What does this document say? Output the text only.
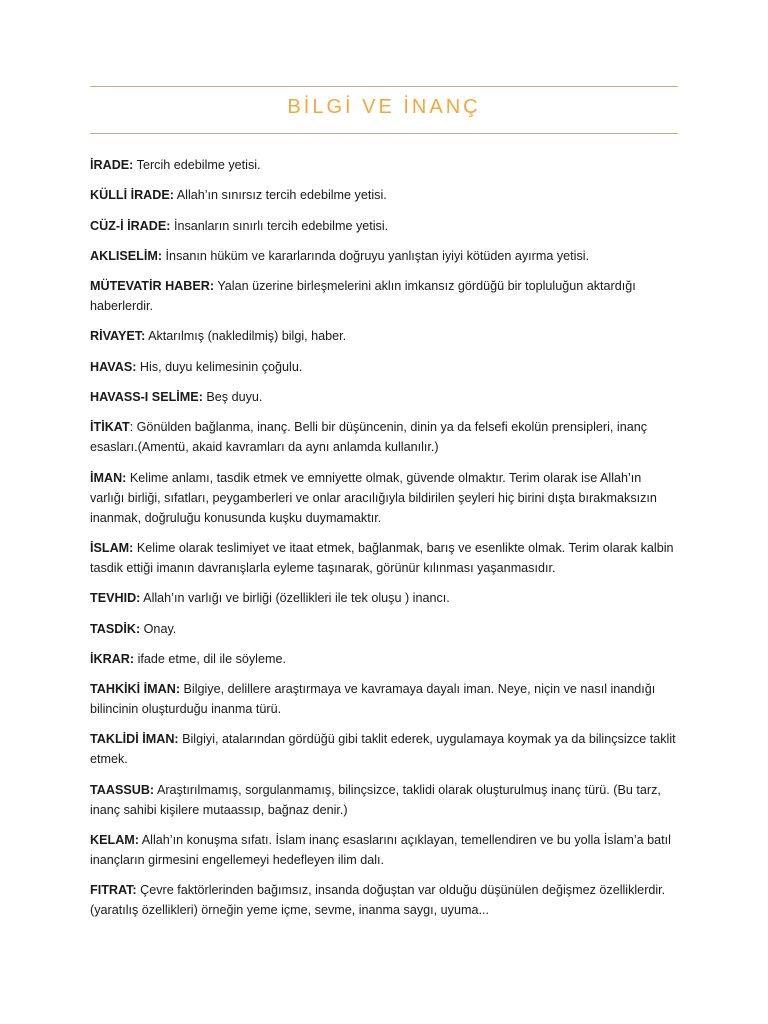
BİLGİ VE İNANÇ
İRADE: Tercih edebilme yetisi.
KÜLLİ İRADE: Allah’ın sınırsız tercih edebilme yetisi.
CÜZ-İ İRADE: İnsanların sınırlı tercih edebilme yetisi.
AKLISELİM: İnsanın hüküm ve kararlarında doğruyu yanlıştan iyiyi kötüden ayırma yetisi.
MÜTEVATİR HABER: Yalan üzerine birleşmelerini aklın imkansız gördüğü bir topluluğun aktardığı haberlerdir.
RİVAYET: Aktarılmış (nakledilmiş) bilgi, haber.
HAVAS: His, duyu kelimesinin çoğulu.
HAVASS-I SELİME: Beş duyu.
İTİKAT: Gönülden bağlanma, inanç. Belli bir düşüncenin, dinin ya da felsefi ekolün prensipleri, inanç esasları.(Amentü, akaid kavramları da aynı anlamda kullanılır.)
İMAN: Kelime anlamı, tasdik etmek ve emniyette olmak, güvende olmaktır. Terim olarak ise Allah’ın varlığı birliği, sıfatları, peygamberleri ve onlar aracılığıyla bildirilen şeyleri hiç birini dışta bırakmaksızın inanmak, doğruluğu konusunda kuşku duymamaktır.
İSLAM: Kelime olarak teslimiyet ve itaat etmek, bağlanmak, barış ve esenlikte olmak. Terim olarak kalbin tasdik ettiği imanın davranışlarla eyleme taşınarak, görünür kılınması yaşanmasıdır.
TEVHID: Allah’ın varlığı ve birliği (özellikleri ile tek oluşu ) inancı.
TASDİK: Onay.
İKRAR: ifade etme, dil ile söyleme.
TAHKİKİ İMAN: Bilgiye, delillere araştırmaya ve kavramaya dayalı iman. Neye, niçin ve nasıl inandığı bilincinin oluşturduğu inanma türü.
TAKLİDİ İMAN: Bilgiyi, atalarından gördüğü gibi taklit ederek, uygulamaya koymak ya da bilinçsizce taklit etmek.
TAASSUB: Araştırılmamış, sorgulanmamış, bilinçsizce, taklidi olarak oluşturulmuş inanç türü. (Bu tarz, inanç sahibi kişilere mutaassıp, bağnaz denir.)
KELAM: Allah’ın konuşma sıfatı. İslam inanç esaslarını açıklayan, temellendiren ve bu yolla İslam’a batıl inançların girmesini engellemeyi hedefleyen ilim dalı.
FITRAT: Çevre faktörlerinden bağımsız, insanda doğuştan var olduğu düşünülen değişmez özelliklerdir. (yaratılış özellikleri) örneğin yeme içme, sevme, inanma saygı, uyuma...
